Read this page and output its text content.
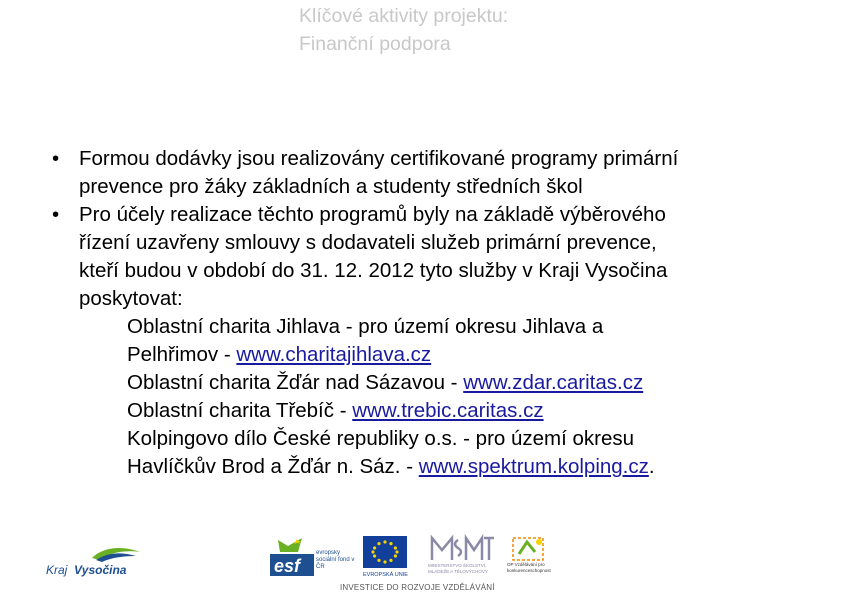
Klíčové aktivity projektu:
Finanční podpora
• Formou dodávky jsou realizovány certifikované programy primární
prevence pro žáky základních a studenty středních škol
• Pro účely realizace těchto programů byly na základě výběrového
řízení uzavřeny smlouvy s dodavateli služeb primární prevence,
kteří budou v období do 31. 12. 2012 tyto služby v Kraji Vysočina
poskytovat:
Oblastní charita Jihlava - pro území okresu Jihlava a
Pelhřimov - www.charitajihlava.cz
Oblastní charita Žďár nad Sázavou - www.zdar.caritas.cz
Oblastní charita Třebíč - www.trebic.caritas.cz
Kolpingovo dílo České republiky o.s. - pro území okresu
Havlíčkův Brod a Žďár n. Sáz. - www.spektrum.kolping.cz.
Kraj Vysočina	esf
evropský sociální fond v ČR
EVROPSKÁ UNIE
MINISTERSTVO ŠKOLSTVÍ, MLÁDEŽE A TĚLOVÝCHOVY
OP Vzdělávání pro konkurenceschopnost
INVESTICE DO ROZVOJE VZDĚLÁVÁNÍ
